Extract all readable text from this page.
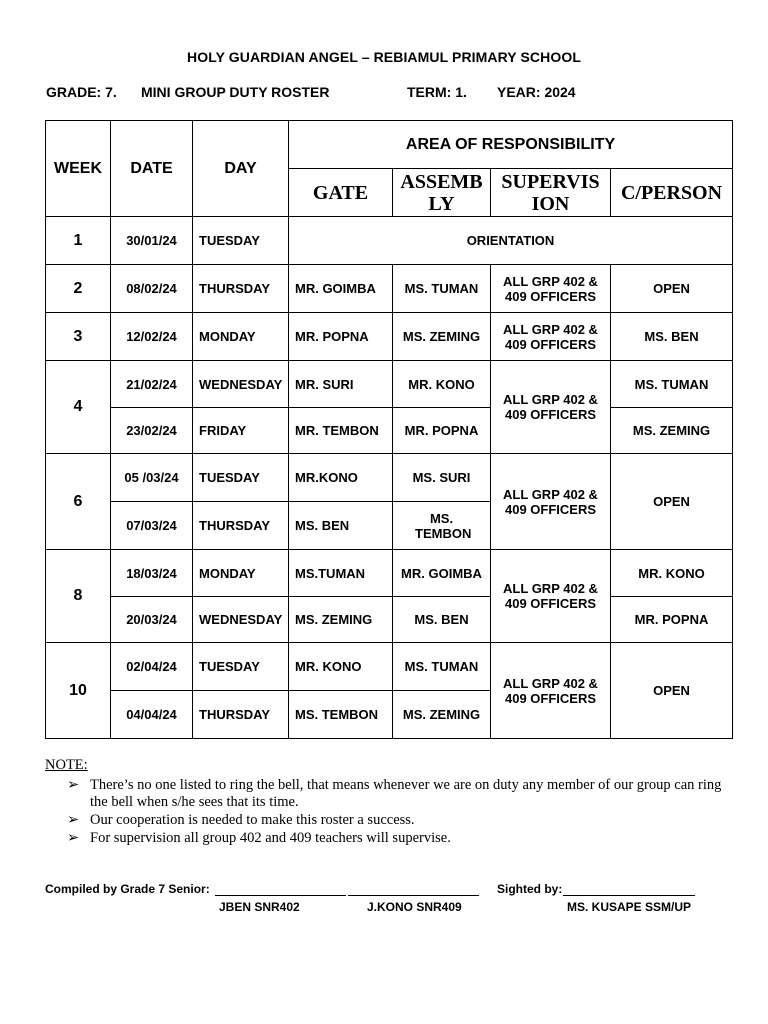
HOLY GUARDIAN ANGEL – REBIAMUL PRIMARY SCHOOL
GRADE: 7. MINI GROUP DUTY ROSTER	TERM: 1. YEAR: 2024
WEEK	DATE	DAY	AREA OF RESPONSIBILITY			
			GATE	ASSEMB LY	SUPERVIS ION	C/PERSON
1	30/01/24	TUESDAY	ORIENTATION			
2	08/02/24	THURSDAY	MR. GOIMBA	MS. TUMAN	ALL GRP 402 & 409 OFFICERS	OPEN
3	12/02/24	MONDAY	MR. POPNA	MS. ZEMING	ALL GRP 402 & 409 OFFICERS	MS. BEN
4	21/02/24	WEDNESDAY	MR. SURI	MR. KONO	ALL GRP 402 & 409 OFFICERS	MS. TUMAN
	23/02/24	FRIDAY	MR. TEMBON	MR. POPNA		MS. ZEMING
6	05 /03/24	TUESDAY	MR.KONO	MS. SURI	ALL GRP 402 & 409 OFFICERS	OPEN
	07/03/24	THURSDAY	MS. BEN	MS. TEMBON		
8	18/03/24	MONDAY	MS.TUMAN	MR. GOIMBA	ALL GRP 402 & 409 OFFICERS	MR. KONO
	20/03/24	WEDNESDAY	MS. ZEMING	MS. BEN		MR. POPNA
10	02/04/24	TUESDAY	MR. KONO	MS. TUMAN	ALL GRP 402 & 409 OFFICERS	OPEN
	04/04/24	THURSDAY	MS. TEMBON	MS. ZEMING		
NOTE:
➢ There’s no one listed to ring the bell, that means whenever we are on duty any member of our group can ring the bell when s/he sees that its time.
➢ Our cooperation is needed to make this roster a success.
➢ For supervision all group 402 and 409 teachers will supervise.
Compiled by Grade 7 Senior:	Sighted by:
JBEN SNR402	J.KONO SNR409	MS. KUSAPE SSM/UP
